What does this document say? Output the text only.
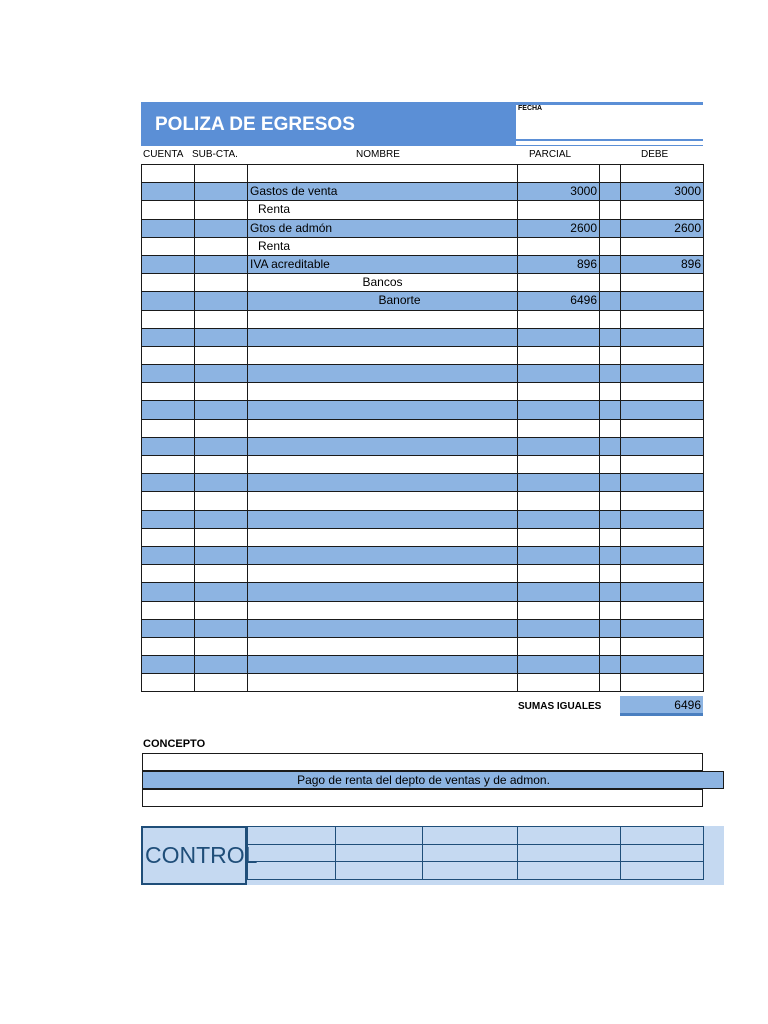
POLIZA DE EGRESOS
FECHA
CUENTA SUB-CTA.	NOMBRE	PARCIAL	DEBE

		Gastos de venta	3000		3000
		Renta			
		Gtos de admón	2600		2600
		Renta			
		IVA acreditable	896		896
		Bancos			
		Banorte	6496		

SUMAS IGUALES	6496
CONCEPTO
Pago de renta del depto de ventas y de admon.
CONTROL
